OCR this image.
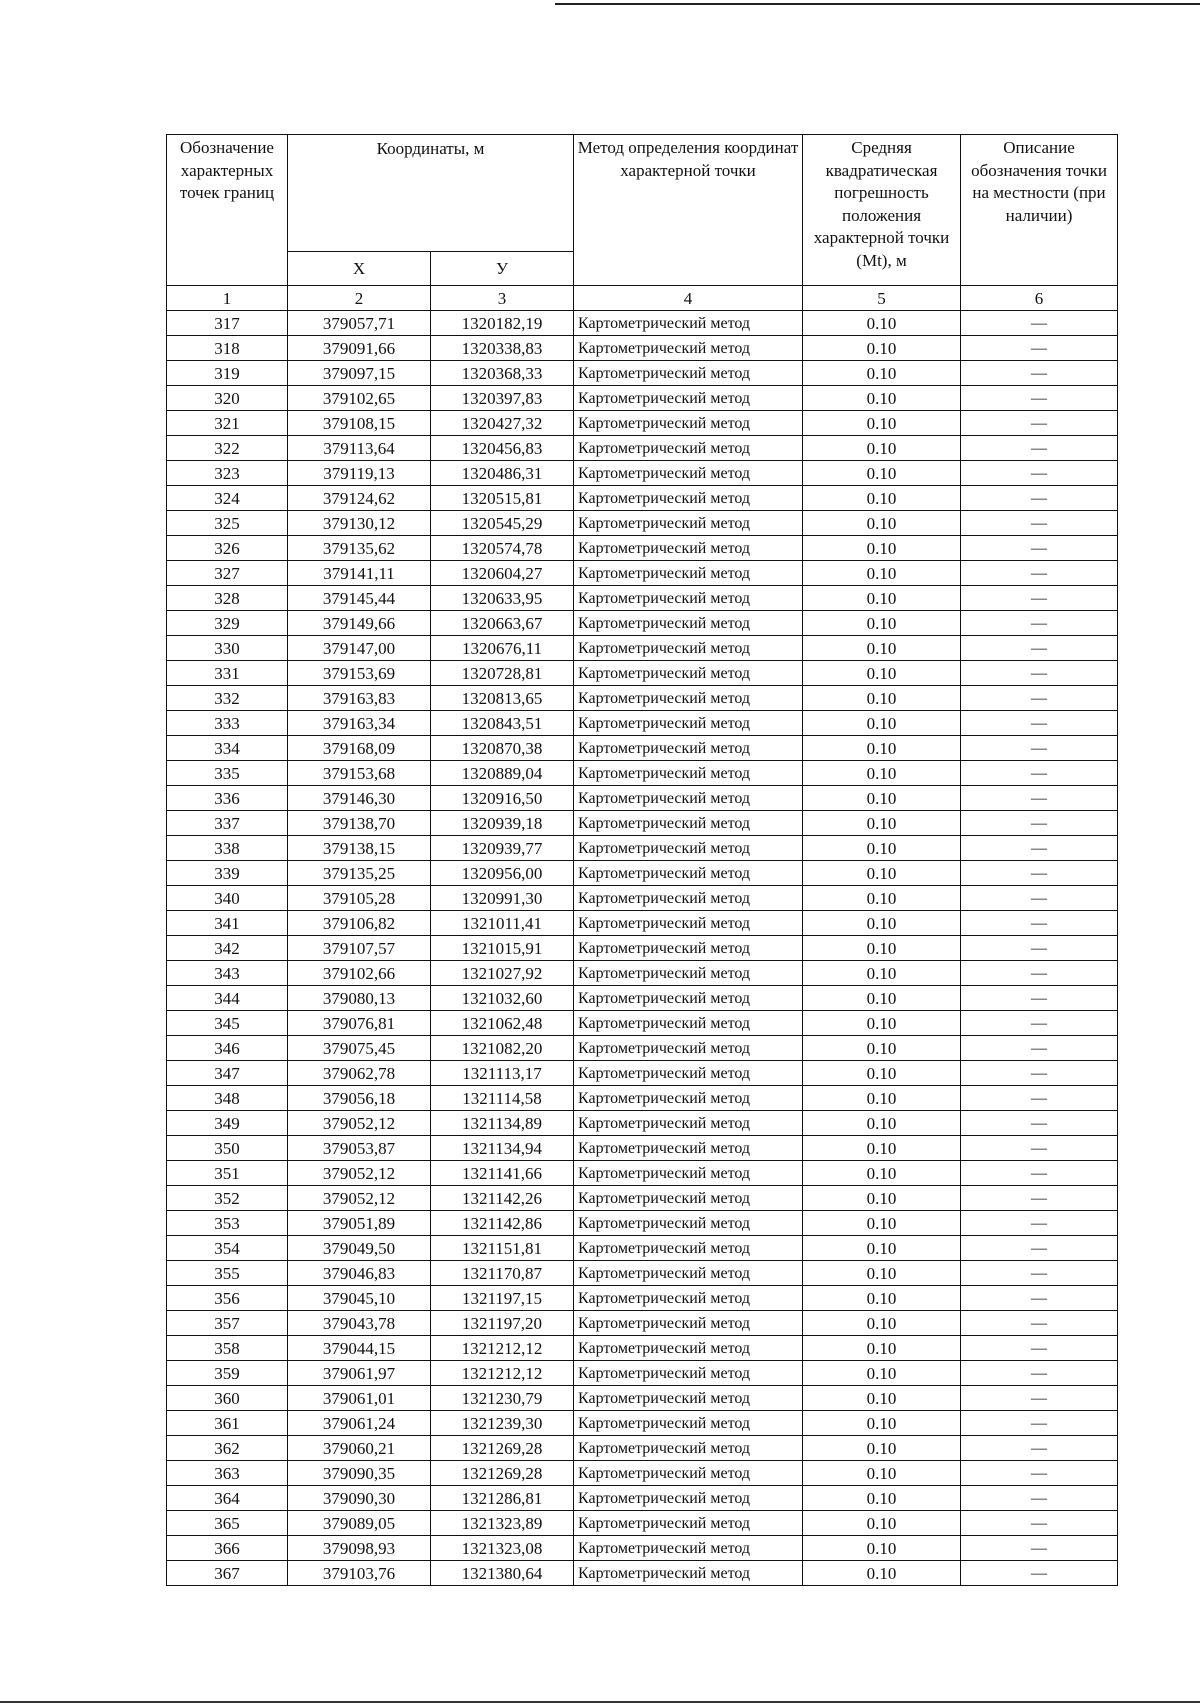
Обозначение характерных точек границ	Координаты, м		Метод определения координат характерной точки	Средняя квадратическая погрешность положения характерной точки (Mt), м	Описание обозначения точки на местности (при наличии)
	X	У			
1	2	3	4	5	6
317	379057,71	1320182,19	Картометрический метод	0.10	—
318	379091,66	1320338,83	Картометрический метод	0.10	—
319	379097,15	1320368,33	Картометрический метод	0.10	—
320	379102,65	1320397,83	Картометрический метод	0.10	—
321	379108,15	1320427,32	Картометрический метод	0.10	—
322	379113,64	1320456,83	Картометрический метод	0.10	—
323	379119,13	1320486,31	Картометрический метод	0.10	—
324	379124,62	1320515,81	Картометрический метод	0.10	—
325	379130,12	1320545,29	Картометрический метод	0.10	—
326	379135,62	1320574,78	Картометрический метод	0.10	—
327	379141,11	1320604,27	Картометрический метод	0.10	—
328	379145,44	1320633,95	Картометрический метод	0.10	—
329	379149,66	1320663,67	Картометрический метод	0.10	—
330	379147,00	1320676,11	Картометрический метод	0.10	—
331	379153,69	1320728,81	Картометрический метод	0.10	—
332	379163,83	1320813,65	Картометрический метод	0.10	—
333	379163,34	1320843,51	Картометрический метод	0.10	—
334	379168,09	1320870,38	Картометрический метод	0.10	—
335	379153,68	1320889,04	Картометрический метод	0.10	—
336	379146,30	1320916,50	Картометрический метод	0.10	—
337	379138,70	1320939,18	Картометрический метод	0.10	—
338	379138,15	1320939,77	Картометрический метод	0.10	—
339	379135,25	1320956,00	Картометрический метод	0.10	—
340	379105,28	1320991,30	Картометрический метод	0.10	—
341	379106,82	1321011,41	Картометрический метод	0.10	—
342	379107,57	1321015,91	Картометрический метод	0.10	—
343	379102,66	1321027,92	Картометрический метод	0.10	—
344	379080,13	1321032,60	Картометрический метод	0.10	—
345	379076,81	1321062,48	Картометрический метод	0.10	—
346	379075,45	1321082,20	Картометрический метод	0.10	—
347	379062,78	1321113,17	Картометрический метод	0.10	—
348	379056,18	1321114,58	Картометрический метод	0.10	—
349	379052,12	1321134,89	Картометрический метод	0.10	—
350	379053,87	1321134,94	Картометрический метод	0.10	—
351	379052,12	1321141,66	Картометрический метод	0.10	—
352	379052,12	1321142,26	Картометрический метод	0.10	—
353	379051,89	1321142,86	Картометрический метод	0.10	—
354	379049,50	1321151,81	Картометрический метод	0.10	—
355	379046,83	1321170,87	Картометрический метод	0.10	—
356	379045,10	1321197,15	Картометрический метод	0.10	—
357	379043,78	1321197,20	Картометрический метод	0.10	—
358	379044,15	1321212,12	Картометрический метод	0.10	—
359	379061,97	1321212,12	Картометрический метод	0.10	—
360	379061,01	1321230,79	Картометрический метод	0.10	—
361	379061,24	1321239,30	Картометрический метод	0.10	—
362	379060,21	1321269,28	Картометрический метод	0.10	—
363	379090,35	1321269,28	Картометрический метод	0.10	—
364	379090,30	1321286,81	Картометрический метод	0.10	—
365	379089,05	1321323,89	Картометрический метод	0.10	—
366	379098,93	1321323,08	Картометрический метод	0.10	—
367	379103,76	1321380,64	Картометрический метод	0.10	—
